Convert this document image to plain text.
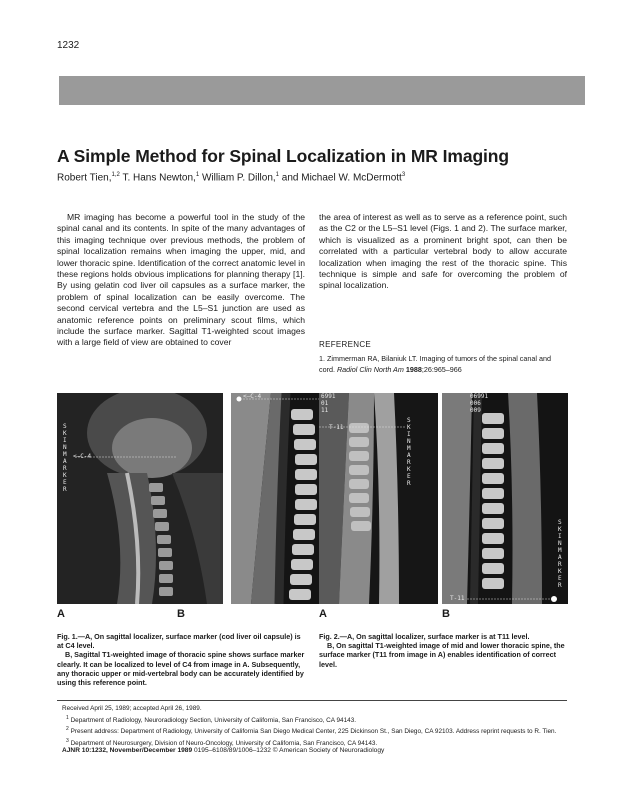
1232
A Simple Method for Spinal Localization in MR Imaging
Robert Tien,$^{1,2}$ T. Hans Newton,$^1$ William P. Dillon,$^1$ and Michael W. McDermott$^3$
MR imaging has become a powerful tool in the study of the spinal canal and its contents. In spite of the many advantages of this imaging technique over previous methods, the problem of spinal localization remains when imaging the upper, mid, and lower thoracic spine. Identification of the correct anatomic level in these regions holds obvious implications for planning therapy [1]. By using gelatin cod liver oil capsules as a surface marker, the problem of spinal localization can be easily overcome. The second cervical vertebra and the L5–S1 junction are used as anatomic reference points on preliminary scout films, which include the surface marker. Sagittal T1-weighted scout images with a large field of view are obtained to cover
the area of interest as well as to serve as a reference point, such as the C2 or the L5–S1 level (Figs. 1 and 2). The surface marker, which is visualized as a prominent bright spot, can then be correlated with a particular vertebral body to allow accurate localization when imaging the rest of the thoracic spine. This technique is simple and safe for overcoming the problem of spinal localization.
REFERENCE
1. Zimmerman RA, Bilaniuk LT. Imaging of tumors of the spinal canal and cord. Radiol Clin North Am 1988;26:965–966
S K I N M A R K E R
<—C-4
<—C-4	6991
01
11
T-11
S K I N M A R K E R
06991
006
009
T-11
S K I N M A R K E R
A	B	A	B
Fig. 1.—A, On sagittal localizer, surface marker (cod liver oil capsule) is at C4 level.
B, Sagittal T1-weighted image of thoracic spine shows surface marker clearly. It can be localized to level of C4 from image in A. Subsequently, any thoracic upper or mid-vertebral body can be accurately identified by using this reference point.
Fig. 2.—A, On sagittal localizer, surface marker is at T11 level.
B, On sagittal T1-weighted image of mid and lower thoracic spine, the surface marker (T11 from image in A) enables identification of correct level.
Received April 25, 1989; accepted April 26, 1989.
$^1$ Department of Radiology, Neuroradiology Section, University of California, San Francisco, CA 94143.
$^2$ Present address: Department of Radiology, University of California San Diego Medical Center, 225 Dickinson St., San Diego, CA 92103. Address reprint requests to R. Tien.
$^3$ Department of Neurosurgery, Division of Neuro-Oncology, University of California, San Francisco, CA 94143.
AJNR 10:1232, November/December 1989 0195–6108/89/1006–1232 © American Society of Neuroradiology
